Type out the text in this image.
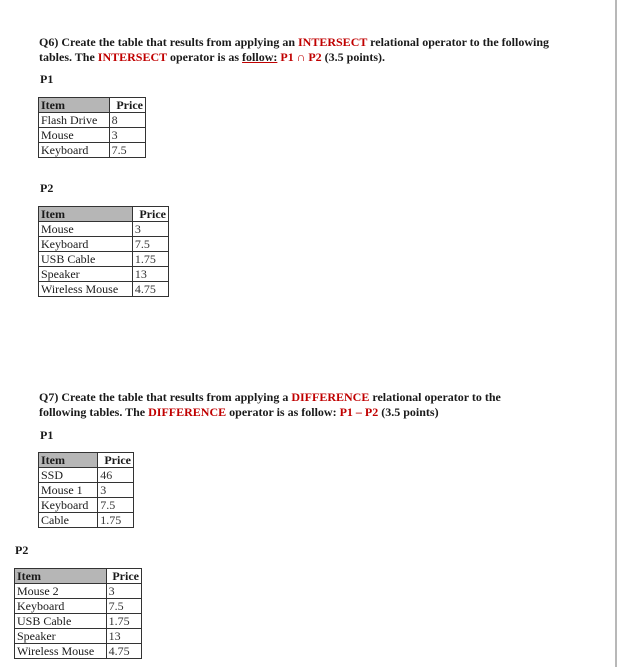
Q6) Create the table that results from applying an INTERSECT relational operator to the following
tables. The INTERSECT operator is as follow: P1 ∩ P2 (3.5 points).
P1
Item	Price
Flash Drive	8
Mouse	3
Keyboard	7.5
P2
Item	Price
Mouse	3
Keyboard	7.5
USB Cable	1.75
Speaker	13
Wireless Mouse	4.75
Q7) Create the table that results from applying a DIFFERENCE relational operator to the
following tables. The DIFFERENCE operator is as follow: P1 – P2 (3.5 points)
P1
Item	Price
SSD	46
Mouse 1	3
Keyboard	7.5
Cable	1.75
P2
Item	Price
Mouse 2	3
Keyboard	7.5
USB Cable	1.75
Speaker	13
Wireless Mouse	4.75
